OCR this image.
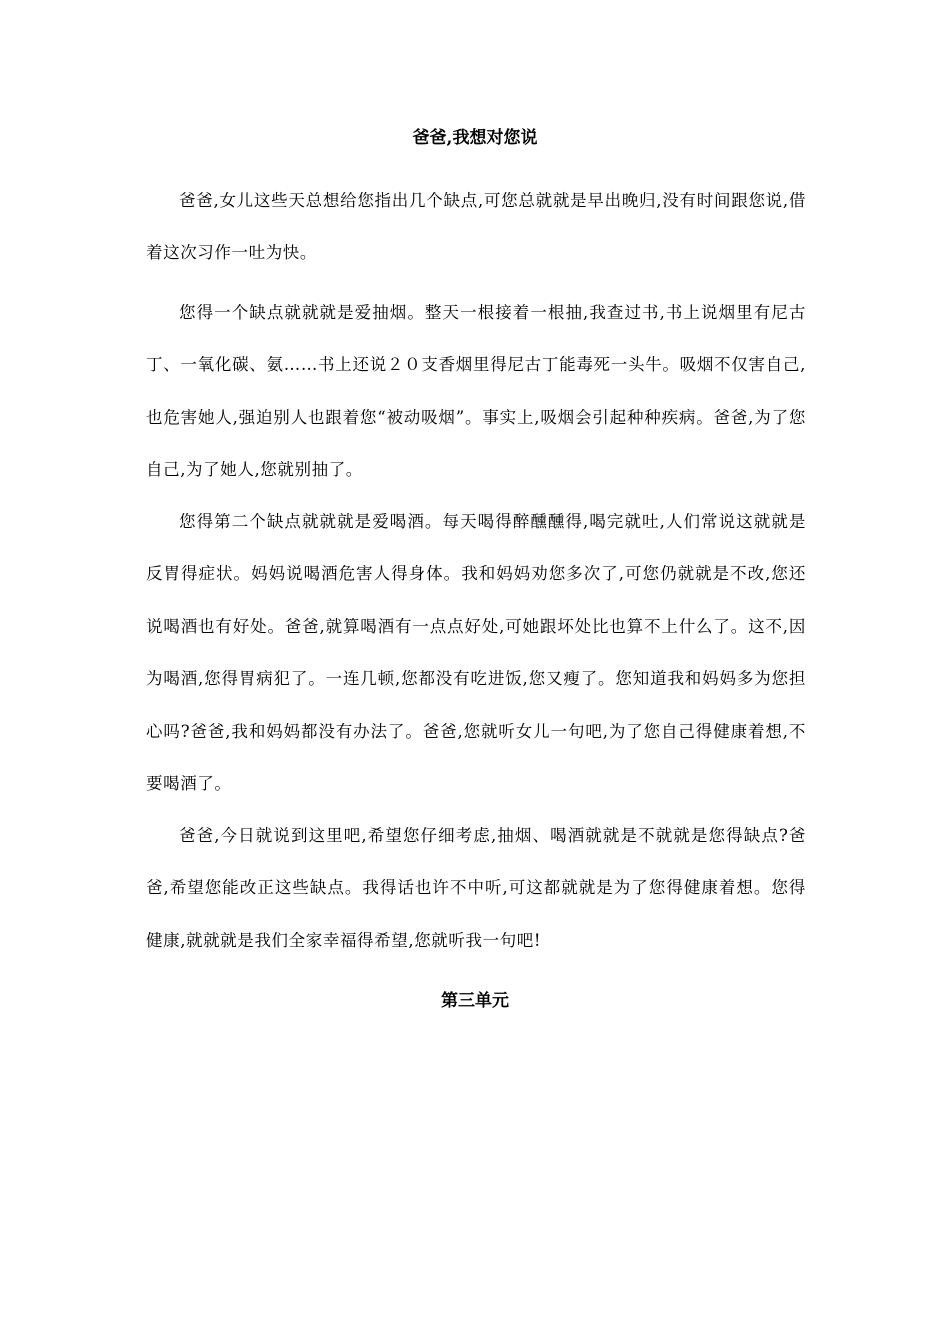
爸爸,我想对您说

爸爸,女儿这些天总想给您指出几个缺点,可您总就就是早出晚归,没有时间跟您说,借着这次习作一吐为快。

您得一个缺点就就就是爱抽烟。整天一根接着一根抽,我查过书,书上说烟里有尼古丁、一氧化碳、氨……书上还说２０支香烟里得尼古丁能毒死一头牛。吸烟不仅害自己,也危害她人,强迫别人也跟着您“被动吸烟”。事实上,吸烟会引起种种疾病。爸爸,为了您自己,为了她人,您就别抽了。

您得第二个缺点就就就是爱喝酒。每天喝得醉醺醺得,喝完就吐,人们常说这就就是反胃得症状。妈妈说喝酒危害人得身体。我和妈妈劝您多次了,可您仍就就是不改,您还说喝酒也有好处。爸爸,就算喝酒有一点点好处,可她跟坏处比也算不上什么了。这不,因为喝酒,您得胃病犯了。一连几顿,您都没有吃进饭,您又瘦了。您知道我和妈妈多为您担心吗?爸爸,我和妈妈都没有办法了。爸爸,您就听女儿一句吧,为了您自己得健康着想,不要喝酒了。

爸爸,今日就说到这里吧,希望您仔细考虑,抽烟、喝酒就就是不就就是您得缺点?爸爸,希望您能改正这些缺点。我得话也许不中听,可这都就就是为了您得健康着想。您得健康,就就就是我们全家幸福得希望,您就听我一句吧!

第三单元
